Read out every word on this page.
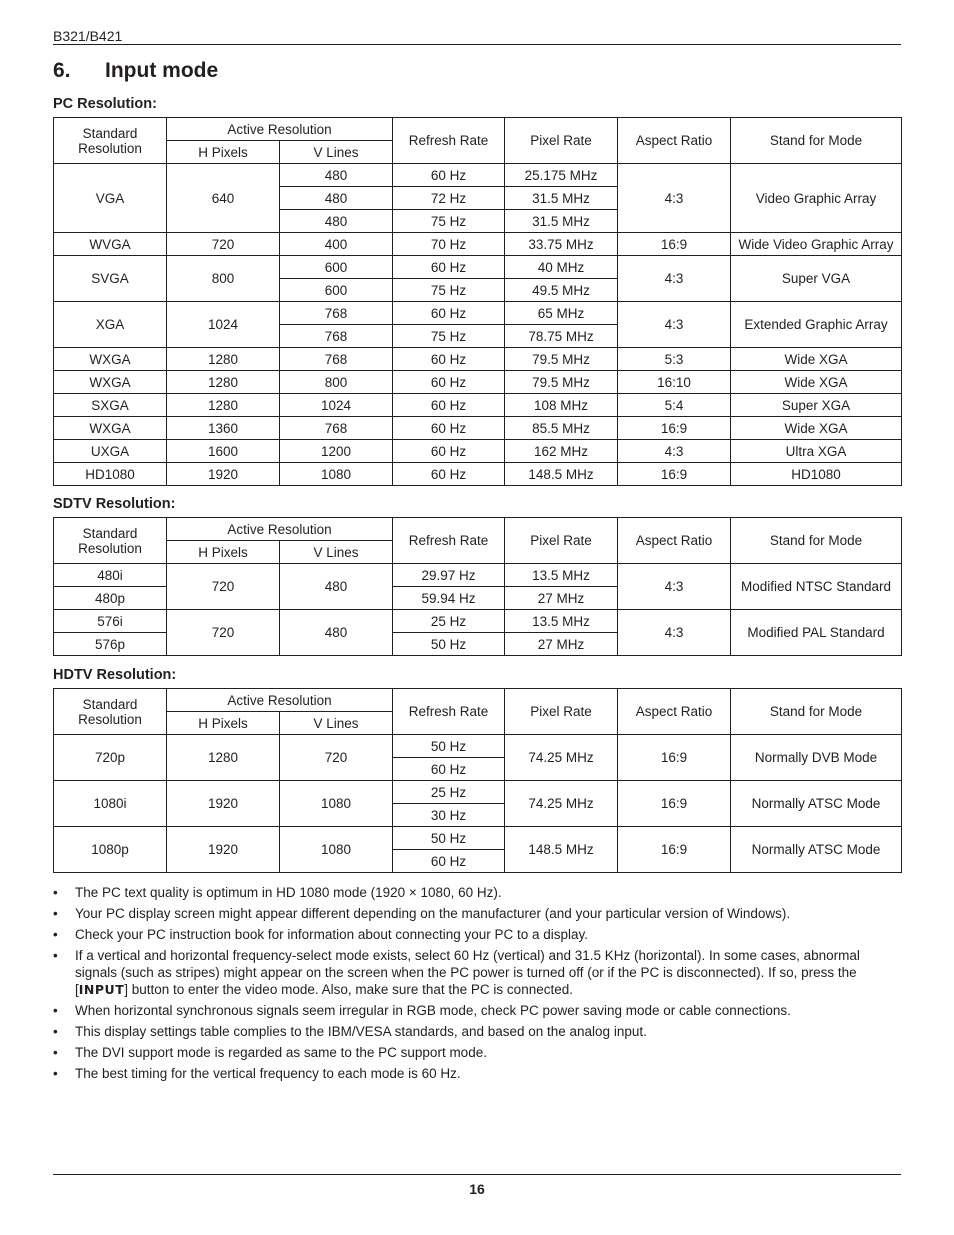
B321/B421
6. Input mode
PC Resolution:
Standard Resolution	Active Resolution		Refresh Rate	Pixel Rate	Aspect Ratio	Stand for Mode
	H Pixels	V Lines				
VGA	640	480	60 Hz	25.175 MHz	4:3	Video Graphic Array
		480	72 Hz	31.5 MHz		
		480	75 Hz	31.5 MHz		
WVGA	720	400	70 Hz	33.75 MHz	16:9	Wide Video Graphic Array
SVGA	800	600	60 Hz	40 MHz	4:3	Super VGA
		600	75 Hz	49.5 MHz		
XGA	1024	768	60 Hz	65 MHz	4:3	Extended Graphic Array
		768	75 Hz	78.75 MHz		
WXGA	1280	768	60 Hz	79.5 MHz	5:3	Wide XGA
WXGA	1280	800	60 Hz	79.5 MHz	16:10	Wide XGA
SXGA	1280	1024	60 Hz	108 MHz	5:4	Super XGA
WXGA	1360	768	60 Hz	85.5 MHz	16:9	Wide XGA
UXGA	1600	1200	60 Hz	162 MHz	4:3	Ultra XGA
HD1080	1920	1080	60 Hz	148.5 MHz	16:9	HD1080
SDTV Resolution:
Standard Resolution	Active Resolution		Refresh Rate	Pixel Rate	Aspect Ratio	Stand for Mode
	H Pixels	V Lines				
480i	720	480	29.97 Hz	13.5 MHz	4:3	Modified NTSC Standard
480p			59.94 Hz	27 MHz		
576i	720	480	25 Hz	13.5 MHz	4:3	Modified PAL Standard
576p			50 Hz	27 MHz		
HDTV Resolution:
Standard Resolution	Active Resolution		Refresh Rate	Pixel Rate	Aspect Ratio	Stand for Mode
	H Pixels	V Lines				
720p	1280	720	50 Hz	74.25 MHz	16:9	Normally DVB Mode
			60 Hz			
1080i	1920	1080	25 Hz	74.25 MHz	16:9	Normally ATSC Mode
			30 Hz			
1080p	1920	1080	50 Hz	148.5 MHz	16:9	Normally ATSC Mode
			60 Hz			
• The PC text quality is optimum in HD 1080 mode (1920 × 1080, 60 Hz).
• Your PC display screen might appear different depending on the manufacturer (and your particular version of Windows).
• Check your PC instruction book for information about connecting your PC to a display.
• If a vertical and horizontal frequency-select mode exists, select 60 Hz (vertical) and 31.5 KHz (horizontal). In some cases, abnormal signals (such as stripes) might appear on the screen when the PC power is turned off (or if the PC is disconnected). If so, press the [INPUT] button to enter the video mode. Also, make sure that the PC is connected.
• When horizontal synchronous signals seem irregular in RGB mode, check PC power saving mode or cable connections.
• This display settings table complies to the IBM/VESA standards, and based on the analog input.
• The DVI support mode is regarded as same to the PC support mode.
• The best timing for the vertical frequency to each mode is 60 Hz.
16
